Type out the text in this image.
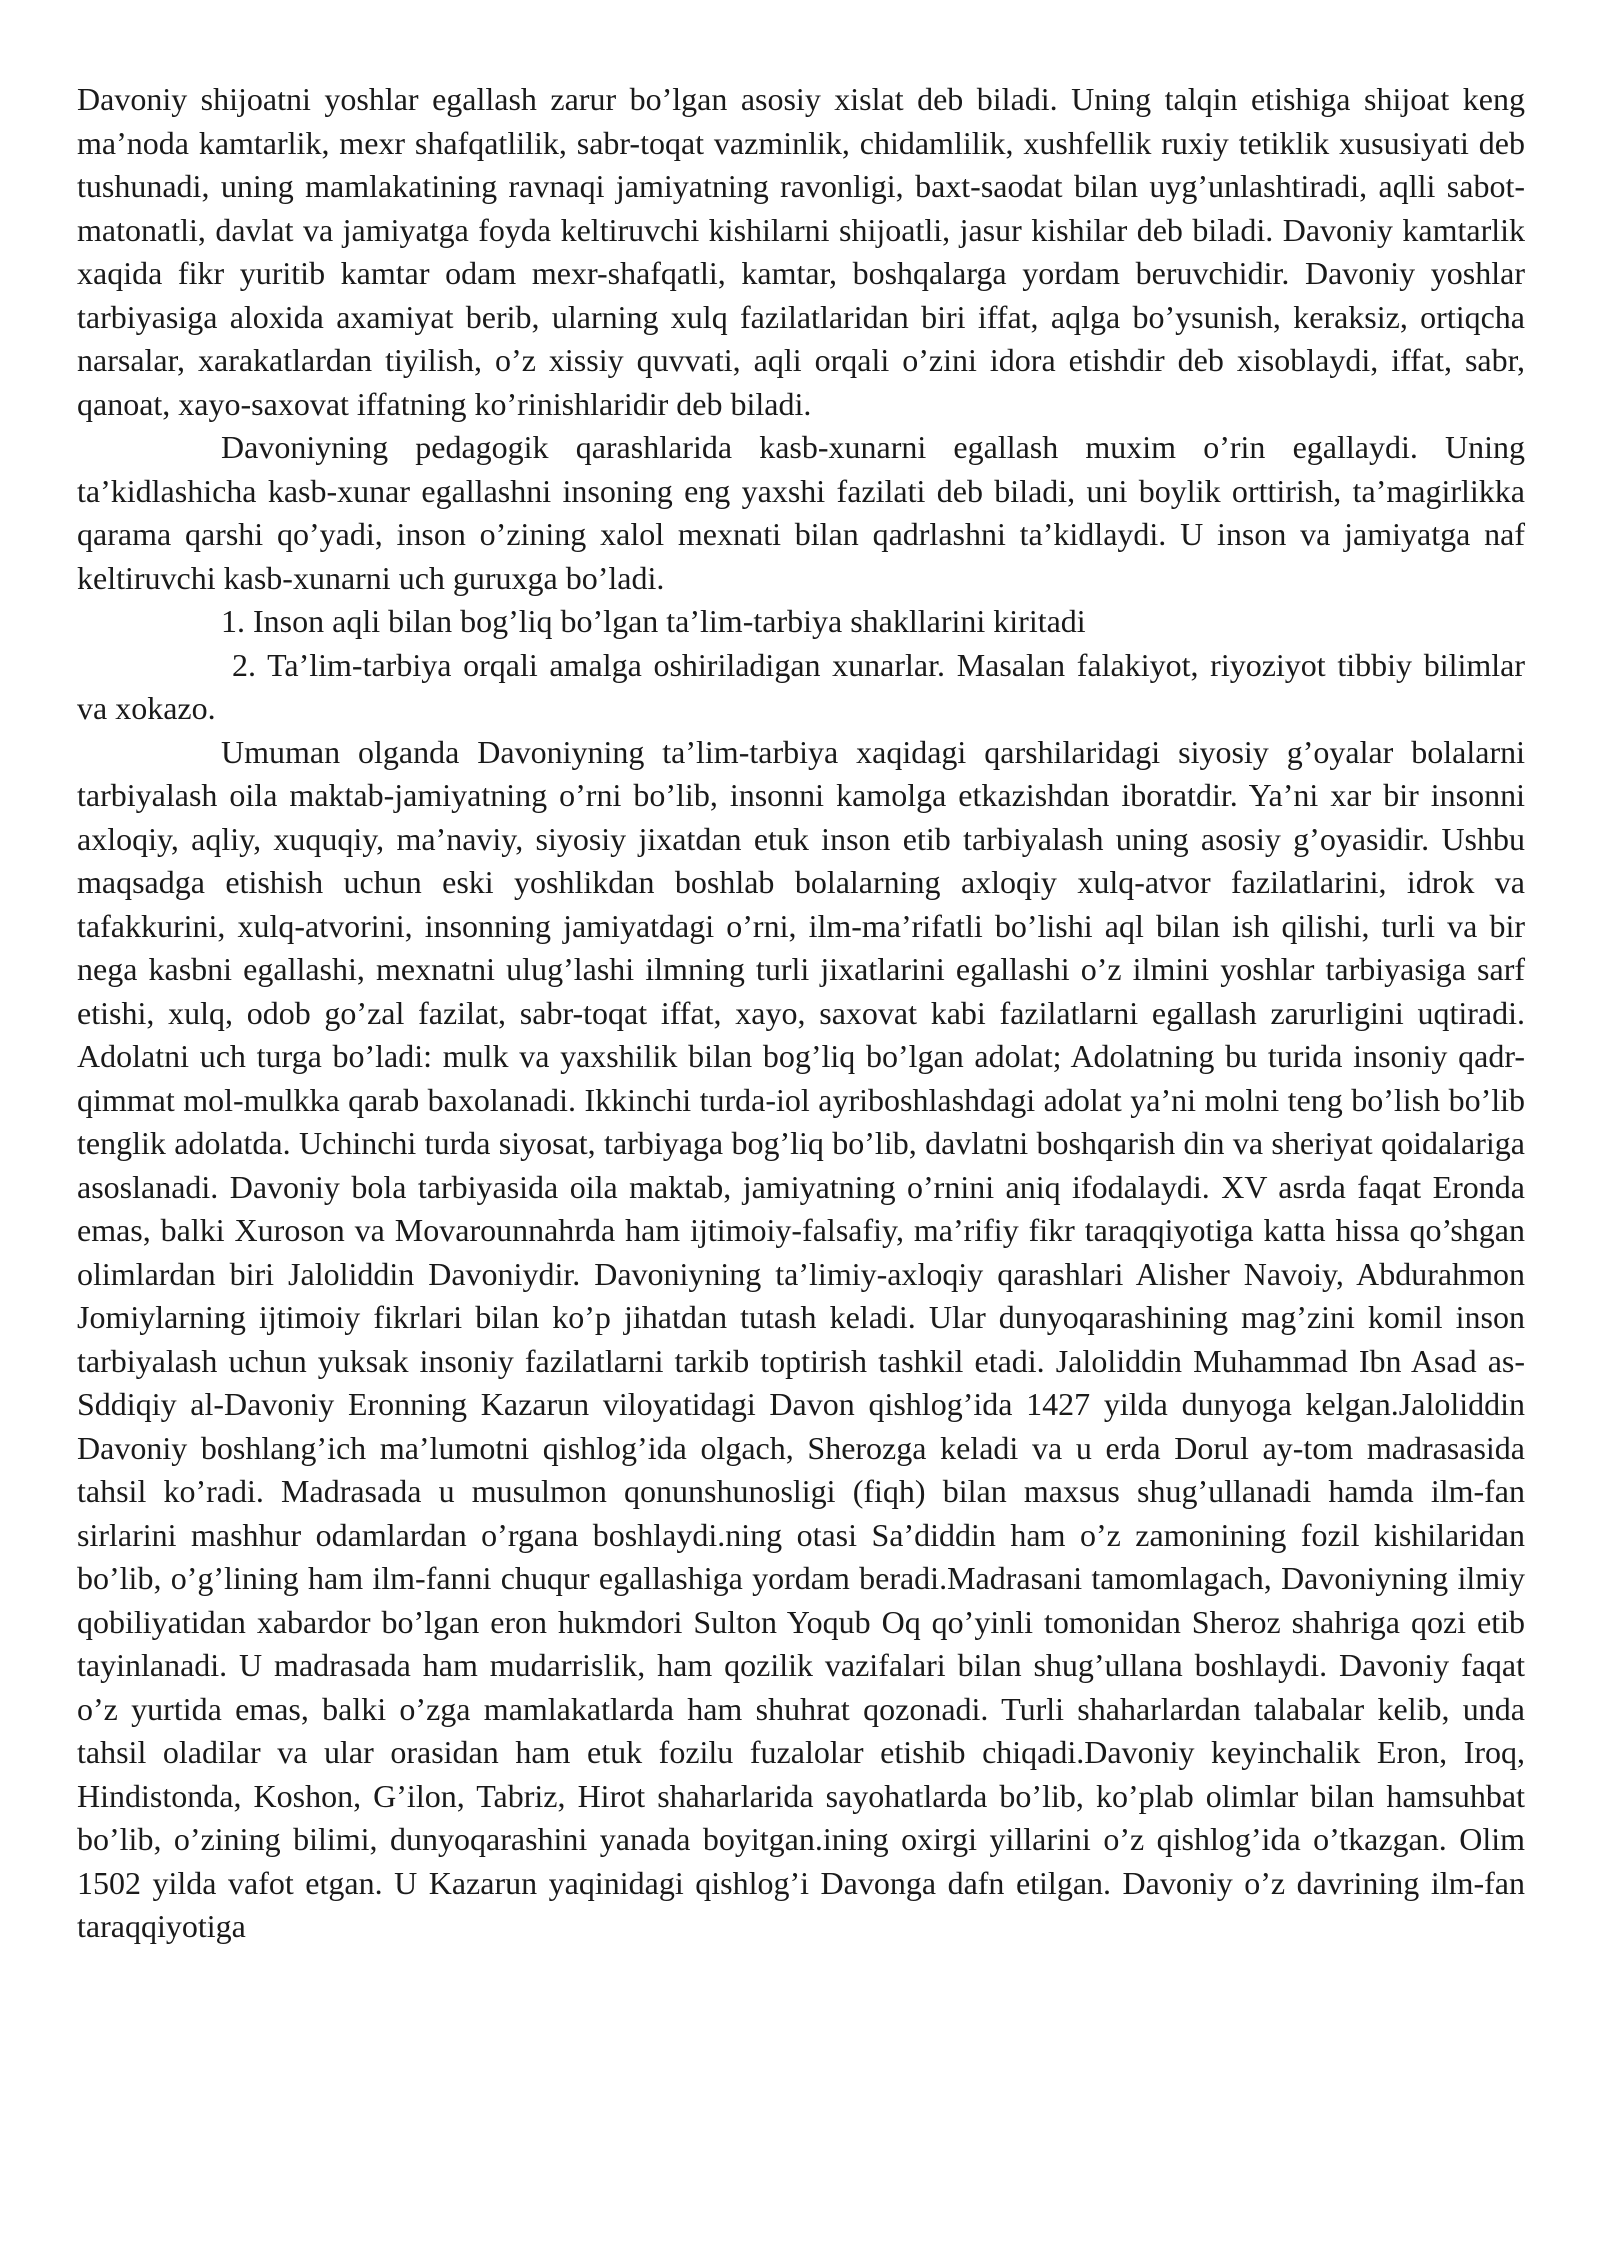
Davoniy shijoatni yoshlar egallash zarur bo’lgan asosiy xislat deb biladi. Uning talqin etishiga shijoat keng ma’noda kamtarlik, mexr shafqatlilik, sabr-toqat vazminlik, chidamlilik, xushfellik ruxiy tetiklik xususiyati deb tushunadi, uning mamlakatining ravnaqi jamiyatning ravonligi, baxt-saodat bilan uyg’unlashtiradi, aqlli sabot-matonatli, davlat va jamiyatga foyda keltiruvchi kishilarni shijoatli, jasur kishilar deb biladi. Davoniy kamtarlik xaqida fikr yuritib kamtar odam mexr-shafqatli, kamtar, boshqalarga yordam beruvchidir. Davoniy yoshlar tarbiyasiga aloxida axamiyat berib, ularning xulq fazilatlaridan biri iffat, aqlga bo’ysunish, keraksiz, ortiqcha narsalar, xarakatlardan tiyilish, o’z xissiy quvvati, aqli orqali o’zini idora etishdir deb xisoblaydi, iffat, sabr, qanoat, xayo-saxovat iffatning ko’rinishlaridir deb biladi.

Davoniyning pedagogik qarashlarida kasb-xunarni egallash muxim o’rin egallaydi. Uning ta’kidlashicha kasb-xunar egallashni insoning eng yaxshi fazilati deb biladi, uni boylik orttirish, ta’magirlikka qarama qarshi qo’yadi, inson o’zining xalol mexnati bilan qadrlashni ta’kidlaydi. U inson va jamiyatga naf keltiruvchi kasb-xunarni uch guruxga bo’ladi.

1. Inson aqli bilan bog’liq bo’lgan ta’lim-tarbiya shakllarini kiritadi

2. Ta’lim-tarbiya orqali amalga oshiriladigan xunarlar. Masalan falakiyot, riyoziyot tibbiy bilimlar va xokazo.

Umuman olganda Davoniyning ta’lim-tarbiya xaqidagi qarshilaridagi siyosiy g’oyalar bolalarni tarbiyalash oila maktab-jamiyatning o’rni bo’lib, insonni kamolga etkazishdan iboratdir. Ya’ni xar bir insonni axloqiy, aqliy, xuquqiy, ma’naviy, siyosiy jixatdan etuk inson etib tarbiyalash uning asosiy g’oyasidir. Ushbu maqsadga etishish uchun eski yoshlikdan boshlab bolalarning axloqiy xulq-atvor fazilatlarini, idrok va tafakkurini, xulq-atvorini, insonning jamiyatdagi o’rni, ilm-ma’rifatli bo’lishi aql bilan ish qilishi, turli va bir nega kasbni egallashi, mexnatni ulug’lashi ilmning turli jixatlarini egallashi o’z ilmini yoshlar tarbiyasiga sarf etishi, xulq, odob go’zal fazilat, sabr-toqat iffat, xayo, saxovat kabi fazilatlarni egallash zarurligini uqtiradi. Adolatni uch turga bo’ladi: mulk va yaxshilik bilan bog’liq bo’lgan adolat; Adolatning bu turida insoniy qadr-qimmat mol-mulkka qarab baxolanadi. Ikkinchi turda-iol ayriboshlashdagi adolat ya’ni molni teng bo’lish bo’lib tenglik adolatda. Uchinchi turda siyosat, tarbiyaga bog’liq bo’lib, davlatni boshqarish din va sheriyat qoidalariga asoslanadi. Davoniy bola tarbiyasida oila maktab, jamiyatning o’rnini aniq ifodalaydi. XV asrda faqat Eronda emas, balki Xuroson va Movarounnahrda ham ijtimoiy-falsafiy, ma’rifiy fikr taraqqiyotiga katta hissa qo’shgan olimlardan biri Jaloliddin Davoniydir. Davoniyning ta’limiy-axloqiy qarashlari Alisher Navoiy, Abdurahmon Jomiylarning ijtimoiy fikrlari bilan ko’p jihatdan tutash keladi. Ular dunyoqarashining mag’zini komil inson tarbiyalash uchun yuksak insoniy fazilatlarni tarkib toptirish tashkil etadi. Jaloliddin Muhammad Ibn Asad as-Sddiqiy al-Davoniy Eronning Kazarun viloyatidagi Davon qishlog’ida 1427 yilda dunyoga kelgan.Jaloliddin Davoniy boshlang’ich ma’lumotni qishlog’ida olgach, Sherozga keladi va u erda Dorul ay-tom madrasasida tahsil ko’radi. Madrasada u musulmon qonunshunosligi (fiqh) bilan maxsus shug’ullanadi hamda ilm-fan sirlarini mashhur odamlardan o’rgana boshlaydi.ning otasi Sa’diddin ham o’z zamonining fozil kishilaridan bo’lib, o’g’lining ham ilm-fanni chuqur egallashiga yordam beradi.Madrasani tamomlagach, Davoniyning ilmiy qobiliyatidan xabardor bo’lgan eron hukmdori Sulton Yoqub Oq qo’yinli tomonidan Sheroz shahriga qozi etib tayinlanadi. U madrasada ham mudarrislik, ham qozilik vazifalari bilan shug’ullana boshlaydi. Davoniy faqat o’z yurtida emas, balki o’zga mamlakatlarda ham shuhrat qozonadi. Turli shaharlardan talabalar kelib, unda tahsil oladilar va ular orasidan ham etuk fozilu fuzalolar etishib chiqadi.Davoniy keyinchalik Eron, Iroq, Hindistonda, Koshon, G’ilon, Tabriz, Hirot shaharlarida sayohatlarda bo’lib, ko’plab olimlar bilan hamsuhbat bo’lib, o’zining bilimi, dunyoqarashini yanada boyitgan.ining oxirgi yillarini o’z qishlog’ida o’tkazgan. Olim 1502 yilda vafot etgan. U Kazarun yaqinidagi qishlog’i Davonga dafn etilgan. Davoniy o’z davrining ilm-fan taraqqiyotiga
